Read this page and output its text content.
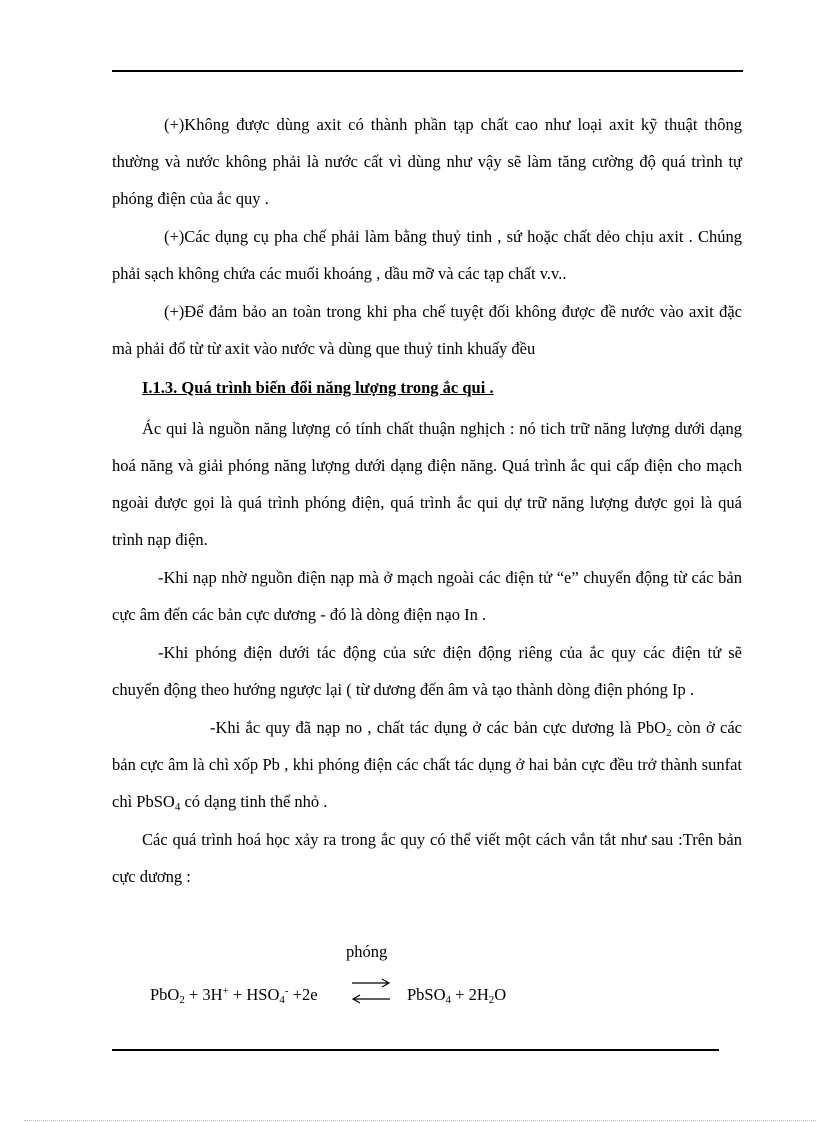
(+)Không được dùng axit có thành phần tạp chất cao như loại axit kỹ thuật thông thường và nước không phải là nước cất vì dùng như vậy sẽ làm tăng cường độ quá trình tự phóng điện của ắc quy .

(+)Các dụng cụ pha chế phải làm bằng thuỷ tinh , sứ hoặc chất dẻo chịu axit . Chúng phải sạch không chứa các muối khoáng , dầu mỡ và các tạp chất v.v..

(+)Để đảm bảo an toàn trong khi pha chế tuyệt đối không được đề nước vào axit đặc mà phải đổ từ từ axit vào nước và dùng que thuỷ tinh khuấy đều

I.1.3. Quá trình biến đổi năng lượng trong ắc qui .

Ác qui là nguồn năng lượng có tính chất thuận nghịch : nó tich trữ năng lượng dưới dạng hoá năng và giải phóng năng lượng dưới dạng điện năng. Quá trình ắc qui cấp điện cho mạch ngoài được gọi là quá trình phóng điện, quá trình ắc qui dự trữ năng lượng được gọi là quá trình nạp điện.

-Khi nạp nhờ nguồn điện nạp mà ở mạch ngoài các điện tử “e” chuyển động từ các bản cực âm đến các bản cực dương - đó là dòng điện nạo In .

-Khi phóng điện dưới tác động của sức điện động riêng của ắc quy các điện tử sẽ chuyển động theo hướng ngược lại ( từ dương đến âm và tạo thành dòng điện phóng Ip .

-Khi ắc quy đã nạp no , chất tác dụng ở các bản cực dương là PbO$_2$ còn ở các bản cực âm là chì xốp Pb , khi phóng điện các chất tác dụng ở hai bản cực đều trở thành sunfat chì PbSO$_4$ có dạng tinh thể nhỏ .

Các quá trình hoá học xảy ra trong ắc quy có thể viết một cách vắn tắt như sau :Trên bản cực dương :

phóng
$PbO_2 + 3H^+ + HSO_4^- +2e$ ⇌ PbSO$_4$ + $2H_2O$
